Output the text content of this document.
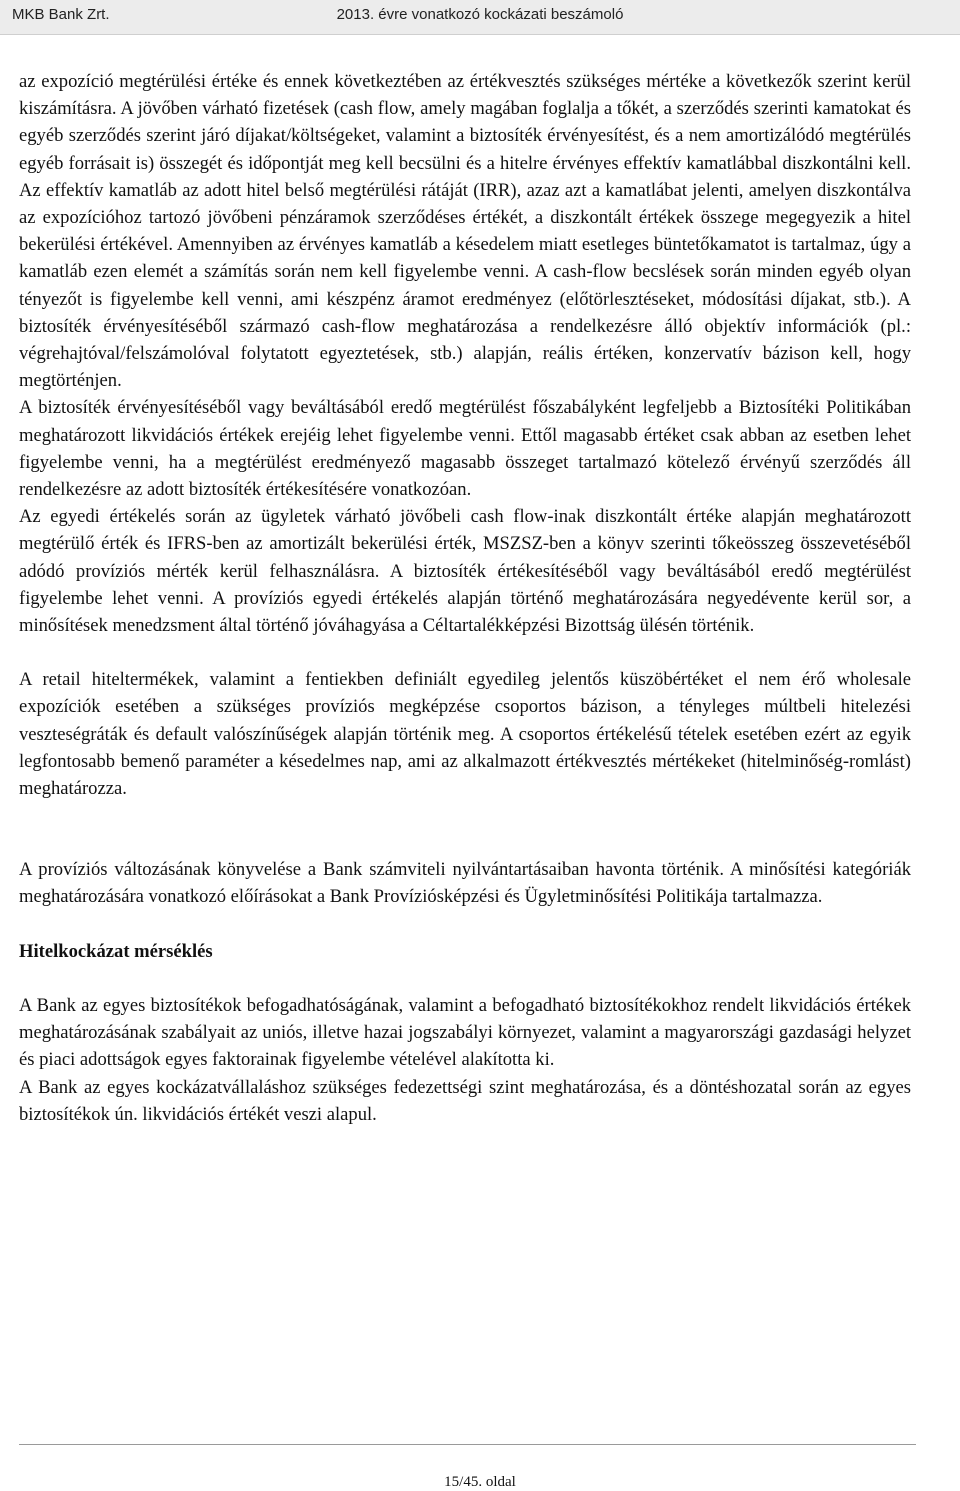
MKB Bank Zrt.	2013. évre vonatkozó kockázati beszámoló

az expozíció megtérülési értéke és ennek következtében az értékvesztés szükséges mértéke a következők szerint kerül kiszámításra. A jövőben várható fizetések (cash flow, amely magában foglalja a tőkét, a szerződés szerinti kamatokat és egyéb szerződés szerint járó díjakat/költségeket, valamint a biztosíték érvényesítést, és a nem amortizálódó megtérülés egyéb forrásait is) összegét és időpontját meg kell becsülni és a hitelre érvényes effektív kamatlábbal diszkontálni kell. Az effektív kamatláb az adott hitel belső megtérülési rátáját (IRR), azaz azt a kamatlábat jelenti, amelyen diszkontálva az expozícióhoz tartozó jövőbeni pénzáramok szerződéses értékét, a diszkontált értékek összege megegyezik a hitel bekerülési értékével. Amennyiben az érvényes kamatláb a késedelem miatt esetleges büntetőkamatot is tartalmaz, úgy a kamatláb ezen elemét a számítás során nem kell figyelembe venni. A cash-flow becslések során minden egyéb olyan tényezőt is figyelembe kell venni, ami készpénz áramot eredményez (előtörlesztéseket, módosítási díjakat, stb.). A biztosíték érvényesítéséből származó cash-flow meghatározása a rendelkezésre álló objektív információk (pl.: végrehajtóval/felszámolóval folytatott egyeztetések, stb.) alapján, reális értéken, konzervatív bázison kell, hogy megtörténjen.

A biztosíték érvényesítéséből vagy beváltásából eredő megtérülést főszabályként legfeljebb a Biztosítéki Politikában meghatározott likvidációs értékek erejéig lehet figyelembe venni. Ettől magasabb értéket csak abban az esetben lehet figyelembe venni, ha a megtérülést eredményező magasabb összeget tartalmazó kötelező érvényű szerződés áll rendelkezésre az adott biztosíték értékesítésére vonatkozóan.

Az egyedi értékelés során az ügyletek várható jövőbeli cash flow-inak diszkontált értéke alapján meghatározott megtérülő érték és IFRS-ben az amortizált bekerülési érték, MSZSZ-ben a könyv szerinti tőkeösszeg összevetéséből adódó províziós mérték kerül felhasználásra. A biztosíték értékesítéséből vagy beváltásából eredő megtérülést figyelembe lehet venni. A províziós egyedi értékelés alapján történő meghatározására negyedévente kerül sor, a minősítések menedzsment által történő jóváhagyása a Céltartalékképzési Bizottság ülésén történik.

A retail hiteltermékek, valamint a fentiekben definiált egyedileg jelentős küszöbértéket el nem érő wholesale expozíciók esetében a szükséges províziós megképzése csoportos bázison, a tényleges múltbeli hitelezési veszteségráták és default valószínűségek alapján történik meg. A csoportos értékelésű tételek esetében ezért az egyik legfontosabb bemenő paraméter a késedelmes nap, ami az alkalmazott értékvesztés mértékeket (hitelminőség-romlást) meghatározza.

A províziós változásának könyvelése a Bank számviteli nyilvántartásaiban havonta történik. A minősítési kategóriák meghatározására vonatkozó előírásokat a Bank Províziósképzési és Ügyletminősítési Politikája tartalmazza.

Hitelkockázat mérséklés

A Bank az egyes biztosítékok befogadhatóságának, valamint a befogadható biztosítékokhoz rendelt likvidációs értékek meghatározásának szabályait az uniós, illetve hazai jogszabályi környezet, valamint a magyarországi gazdasági helyzet és piaci adottságok egyes faktorainak figyelembe vételével alakította ki.

A Bank az egyes kockázatvállaláshoz szükséges fedezettségi szint meghatározása, és a döntéshozatal során az egyes biztosítékok ún. likvidációs értékét veszi alapul.

15/45. oldal
